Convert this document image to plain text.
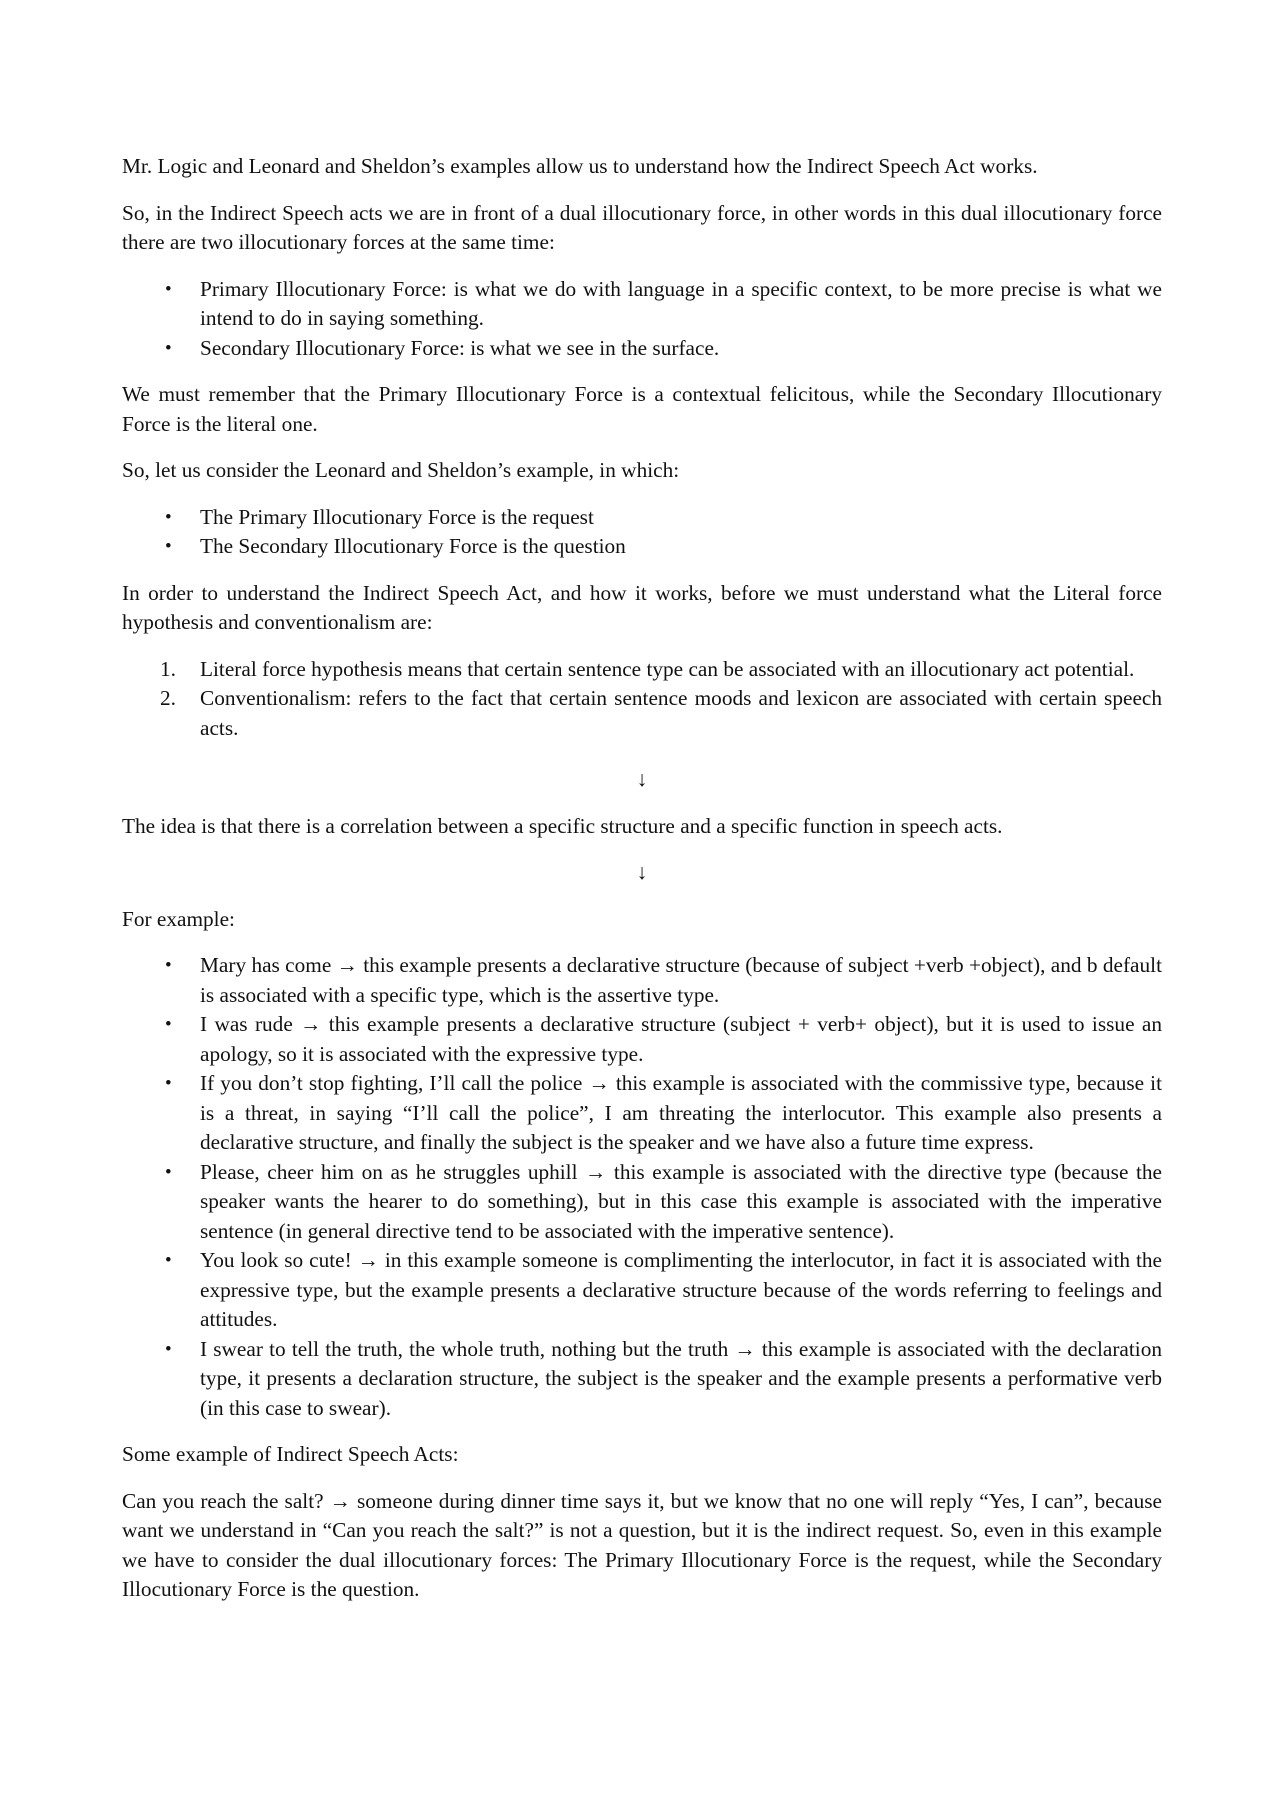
Mr. Logic and Leonard and Sheldon’s examples allow us to understand how the Indirect Speech Act works.

So, in the Indirect Speech acts we are in front of a dual illocutionary force, in other words in this dual illocutionary force there are two illocutionary forces at the same time:

• Primary Illocutionary Force: is what we do with language in a specific context, to be more precise is what we intend to do in saying something.
• Secondary Illocutionary Force: is what we see in the surface.

We must remember that the Primary Illocutionary Force is a contextual felicitous, while the Secondary Illocutionary Force is the literal one.

So, let us consider the Leonard and Sheldon’s example, in which:

• The Primary Illocutionary Force is the request
• The Secondary Illocutionary Force is the question

In order to understand the Indirect Speech Act, and how it works, before we must understand what the Literal force hypothesis and conventionalism are:

1. Literal force hypothesis means that certain sentence type can be associated with an illocutionary act potential.
2. Conventionalism: refers to the fact that certain sentence moods and lexicon are associated with certain speech acts.
↓

The idea is that there is a correlation between a specific structure and a specific function in speech acts.

↓

For example:

• Mary has come → this example presents a declarative structure (because of subject +verb +object), and b default is associated with a specific type, which is the assertive type.
• I was rude → this example presents a declarative structure (subject + verb+ object), but it is used to issue an apology, so it is associated with the expressive type.
• If you don’t stop fighting, I’ll call the police → this example is associated with the commissive type, because it is a threat, in saying “I’ll call the police”, I am threating the interlocutor. This example also presents a declarative structure, and finally the subject is the speaker and we have also a future time express.
• Please, cheer him on as he struggles uphill → this example is associated with the directive type (because the speaker wants the hearer to do something), but in this case this example is associated with the imperative sentence (in general directive tend to be associated with the imperative sentence).
• You look so cute! → in this example someone is complimenting the interlocutor, in fact it is associated with the expressive type, but the example presents a declarative structure because of the words referring to feelings and attitudes.
• I swear to tell the truth, the whole truth, nothing but the truth → this example is associated with the declaration type, it presents a declaration structure, the subject is the speaker and the example presents a performative verb (in this case to swear).

Some example of Indirect Speech Acts:

Can you reach the salt? → someone during dinner time says it, but we know that no one will reply “Yes, I can”, because want we understand in “Can you reach the salt?” is not a question, but it is the indirect request. So, even in this example we have to consider the dual illocutionary forces: The Primary Illocutionary Force is the request, while the Secondary Illocutionary Force is the question.
